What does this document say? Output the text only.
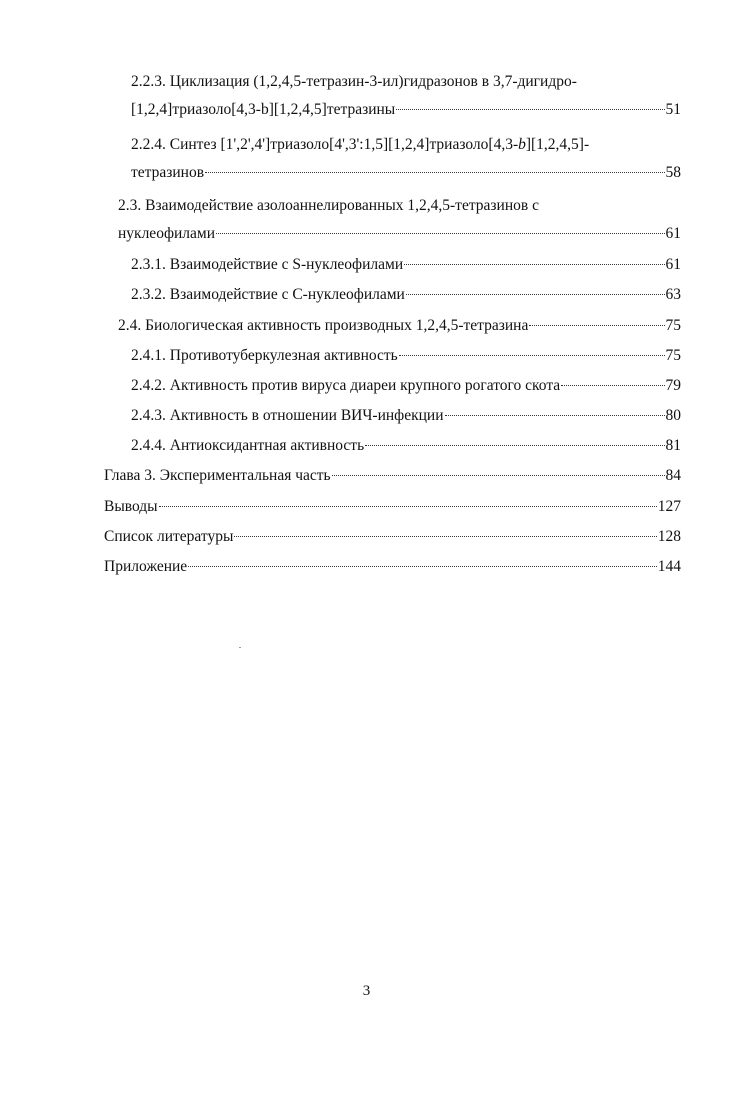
2.2.3. Циклизация (1,2,4,5-тетразин-3-ил)гидразонов в 3,7-дигидро-
[1,2,4]триазоло[4,3-b][1,2,4,5]тетразины	51
2.2.4. Синтез [1',2',4']триазоло[4',3':1,5][1,2,4]триазоло[4,3-b][1,2,4,5]-
тетразинов	58
2.3. Взаимодействие азолоаннелированных 1,2,4,5-тетразинов с
нуклеофилами	61
2.3.1. Взаимодействие с S-нуклеофилами	61
2.3.2. Взаимодействие с C-нуклеофилами	63
2.4. Биологическая активность производных 1,2,4,5-тетразина	75
2.4.1. Противотуберкулезная активность	75
2.4.2. Активность против вируса диареи крупного рогатого скота	79
2.4.3. Активность в отношении ВИЧ-инфекции	80
2.4.4. Антиоксидантная активность	81
Глава 3. Экспериментальная часть	84
Выводы	127
Список литературы	128
Приложение	144
3
